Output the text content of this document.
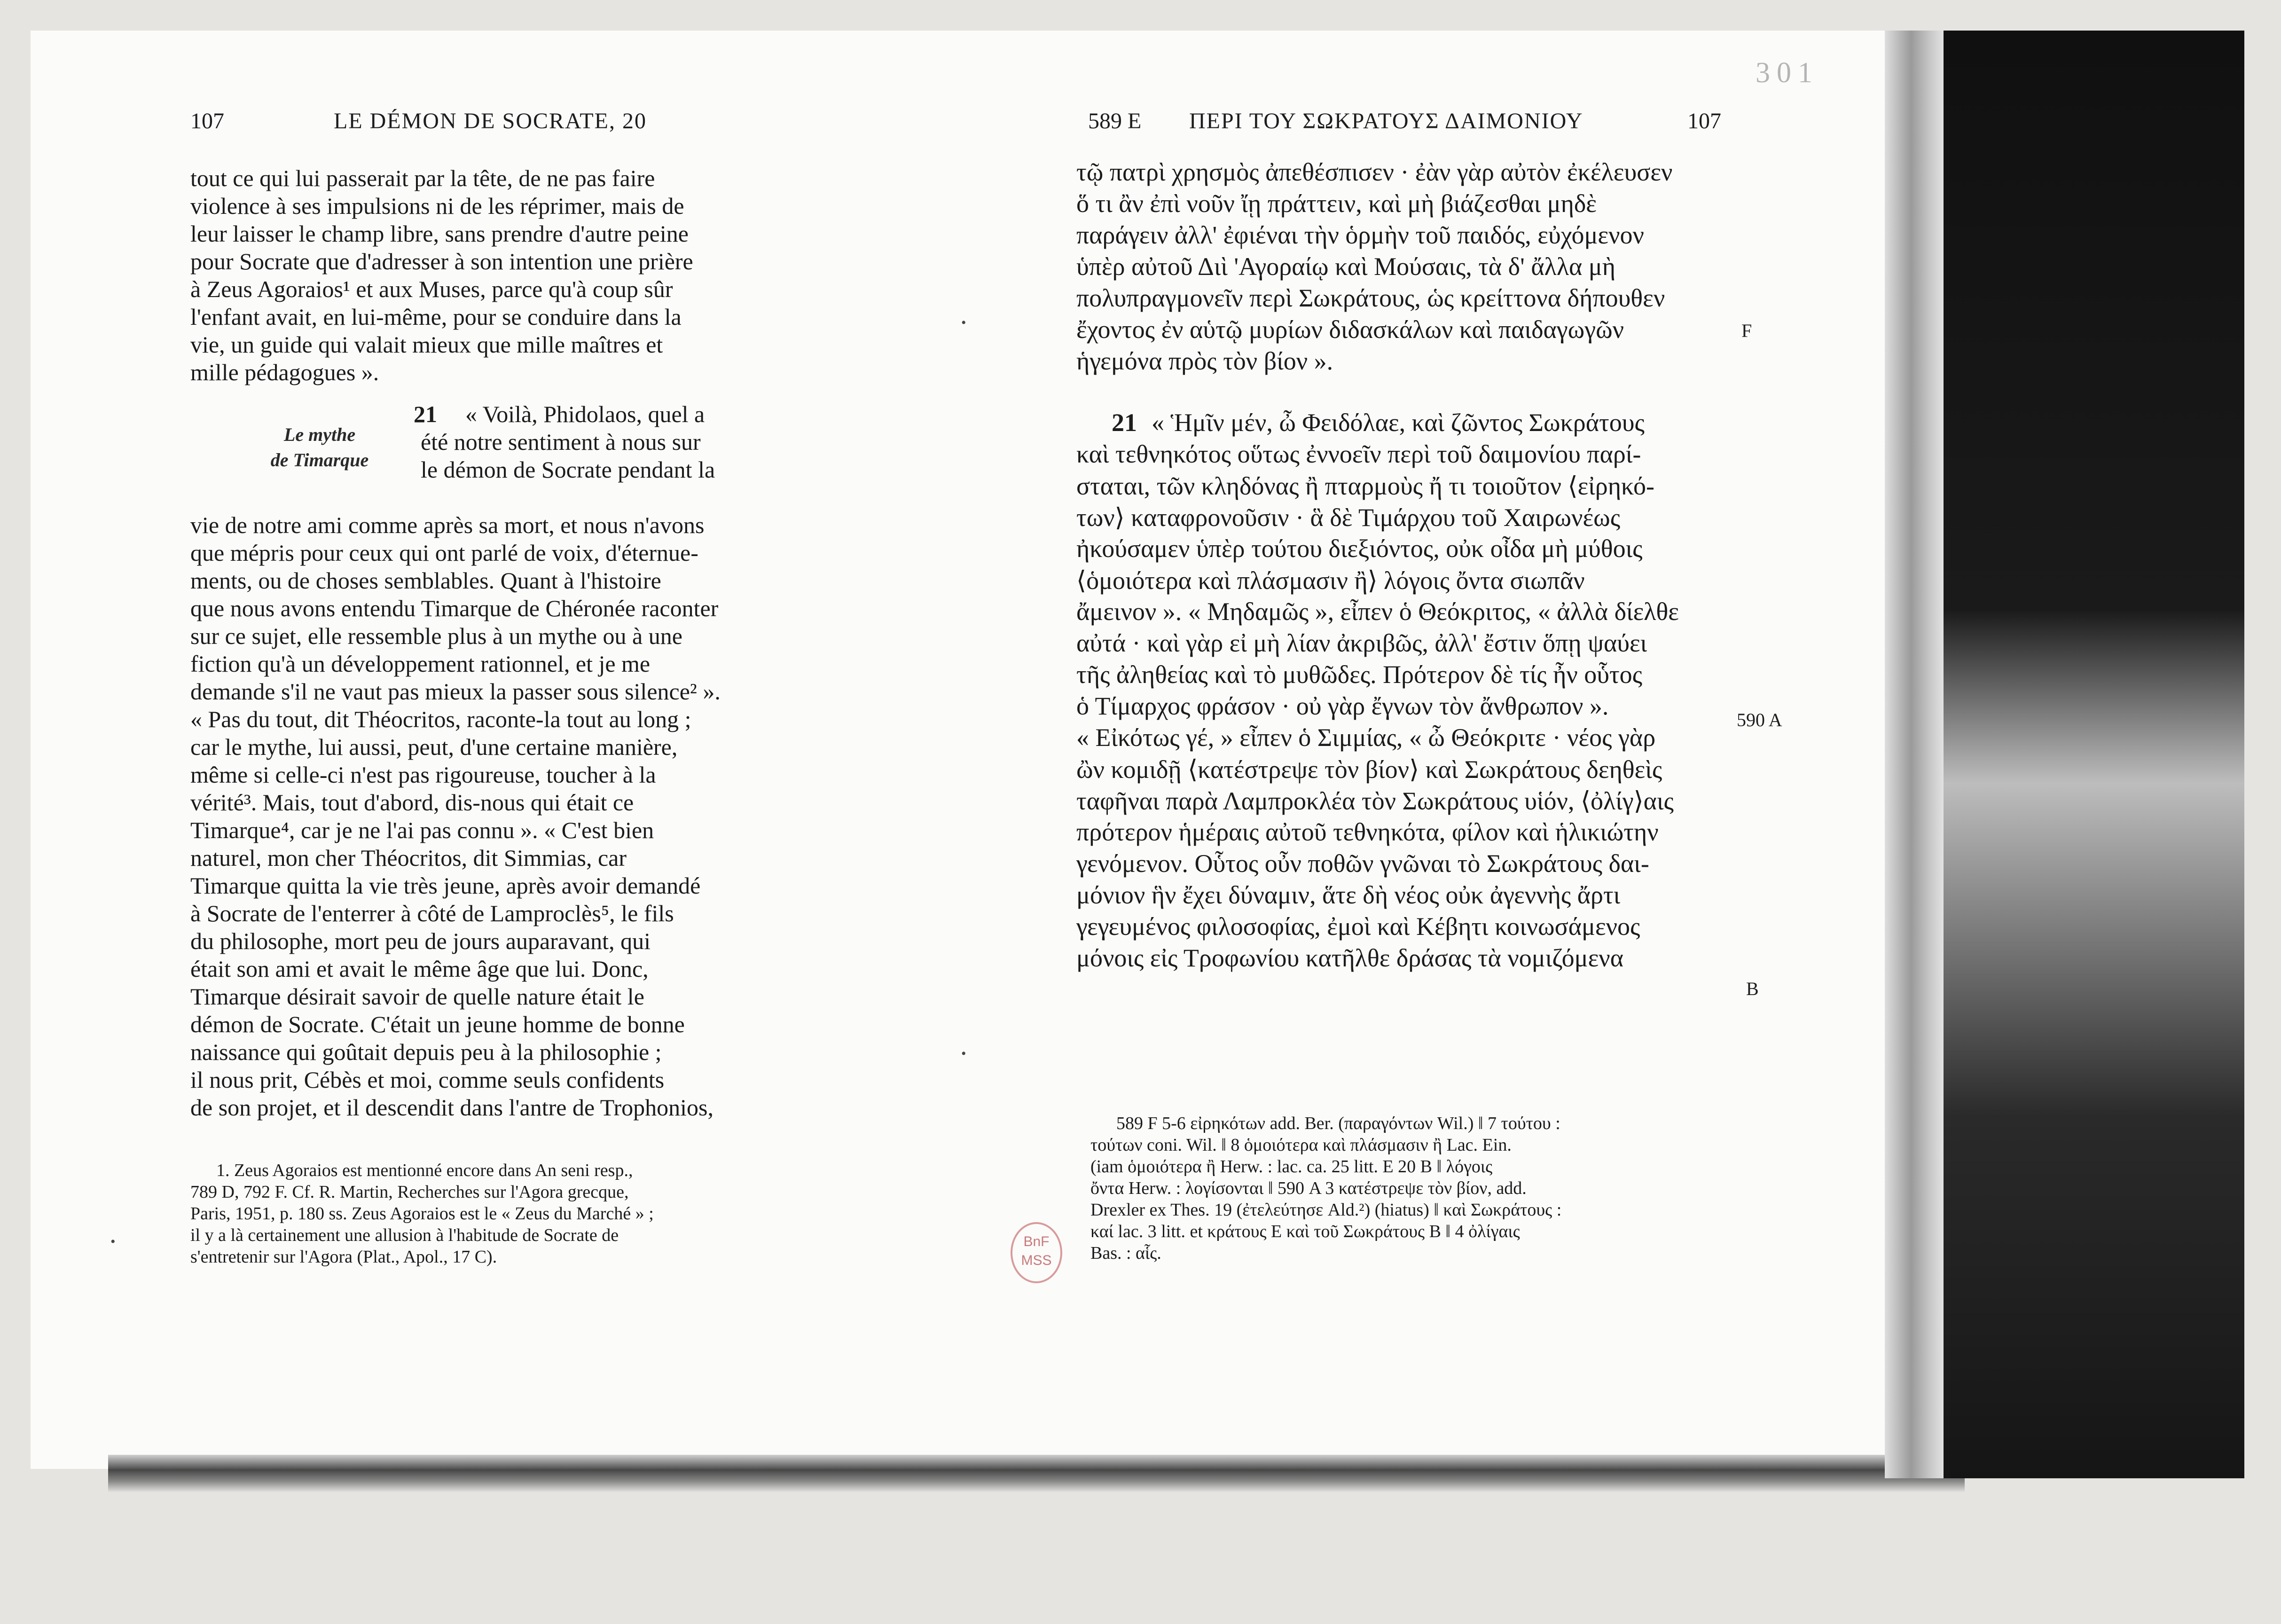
301
107	LE DÉMON DE SOCRATE, 20
tout ce qui lui passerait par la tête, de ne pas faire
violence à ses impulsions ni de les réprimer, mais de
leur laisser le champ libre, sans prendre d'autre peine
pour Socrate que d'adresser à son intention une prière
à Zeus Agoraios¹ et aux Muses, parce qu'à coup sûr
l'enfant avait, en lui-même, pour se conduire dans la
vie, un guide qui valait mieux que mille maîtres et
mille pédagogues ».
Le mythe
de Timarque
21 « Voilà, Phidolaos, quel a
été notre sentiment à nous sur
le démon de Socrate pendant la
vie de notre ami comme après sa mort, et nous n'avons
que mépris pour ceux qui ont parlé de voix, d'éternue-
ments, ou de choses semblables. Quant à l'histoire
que nous avons entendu Timarque de Chéronée raconter
sur ce sujet, elle ressemble plus à un mythe ou à une
fiction qu'à un développement rationnel, et je me
demande s'il ne vaut pas mieux la passer sous silence² ».
« Pas du tout, dit Théocritos, raconte-la tout au long ;
car le mythe, lui aussi, peut, d'une certaine manière,
même si celle-ci n'est pas rigoureuse, toucher à la
vérité³. Mais, tout d'abord, dis-nous qui était ce
Timarque⁴, car je ne l'ai pas connu ». « C'est bien
naturel, mon cher Théocritos, dit Simmias, car
Timarque quitta la vie très jeune, après avoir demandé
à Socrate de l'enterrer à côté de Lamproclès⁵, le fils
du philosophe, mort peu de jours auparavant, qui
était son ami et avait le même âge que lui. Donc,
Timarque désirait savoir de quelle nature était le
démon de Socrate. C'était un jeune homme de bonne
naissance qui goûtait depuis peu à la philosophie ;
il nous prit, Cébès et moi, comme seuls confidents
de son projet, et il descendit dans l'antre de Trophonios,
1. Zeus Agoraios est mentionné encore dans An seni resp.,
789 D, 792 F. Cf. R. Martin, Recherches sur l'Agora grecque,
Paris, 1951, p. 180 ss. Zeus Agoraios est le « Zeus du Marché » ;
il y a là certainement une allusion à l'habitude de Socrate de
s'entretenir sur l'Agora (Plat., Apol., 17 C).
589 E ΠΕΡΙ ΤΟΥ ΣΩΚΡΑΤΟΥΣ ΔΑΙΜΟΝΙΟΥ	107
τῷ πατρὶ χρησμὸς ἀπεθέσπισεν · ἐὰν γὰρ αὐτὸν ἐκέλευσεν
ὅ τι ἂν ἐπὶ νοῦν ἴῃ πράττειν, καὶ μὴ βιάζεσθαι μηδὲ
παράγειν ἀλλ' ἐφιέναι τὴν ὁρμὴν τοῦ παιδός, εὐχόμενον
ὑπὲρ αὐτοῦ Διὶ 'Αγοραίῳ καὶ Μούσαις, τὰ δ' ἄλλα μὴ
πολυπραγμονεῖν περὶ Σωκράτους, ὡς κρείττονα δήπουθεν
ἔχοντος ἐν αὑτῷ μυρίων διδασκάλων καὶ παιδαγωγῶν
ἡγεμόνα πρὸς τὸν βίον ».
F
21 « Ἡμῖν μέν, ὦ Φειδόλαε, καὶ ζῶντος Σωκράτους
καὶ τεθνηκότος οὕτως ἐννοεῖν περὶ τοῦ δαιμονίου παρί-
σταται, τῶν κληδόνας ἢ πταρμοὺς ἤ τι τοιοῦτον ⟨εἰρηκό-
των⟩ καταφρονοῦσιν · ἃ δὲ Τιμάρχου τοῦ Χαιρωνέως
ἠκούσαμεν ὑπὲρ τούτου διεξιόντος, οὐκ οἶδα μὴ μύθοις
⟨ὁμοιότερα καὶ πλάσμασιν ἢ⟩ λόγοις ὄντα σιωπᾶν
ἄμεινον ». « Μηδαμῶς », εἶπεν ὁ Θεόκριτος, « ἀλλὰ δίελθε
αὐτά · καὶ γὰρ εἰ μὴ λίαν ἀκριβῶς, ἀλλ' ἔστιν ὅπῃ ψαύει
τῆς ἀληθείας καὶ τὸ μυθῶδες. Πρότερον δὲ τίς ἦν οὗτος
ὁ Τίμαρχος φράσον · οὐ γὰρ ἔγνων τὸν ἄνθρωπον ».
« Εἰκότως γέ, » εἶπεν ὁ Σιμμίας, « ὦ Θεόκριτε · νέος γὰρ
ὢν κομιδῇ ⟨κατέστρεψε τὸν βίον⟩ καὶ Σωκράτους δεηθεὶς
ταφῆναι παρὰ Λαμπροκλέα τὸν Σωκράτους υἱόν, ⟨ὀλίγ⟩αις
πρότερον ἡμέραις αὐτοῦ τεθνηκότα, φίλον καὶ ἡλικιώτην
γενόμενον. Οὗτος οὖν ποθῶν γνῶναι τὸ Σωκράτους δαι-
μόνιον ἣν ἔχει δύναμιν, ἅτε δὴ νέος οὐκ ἀγεννὴς ἄρτι
γεγευμένος φιλοσοφίας, ἐμοὶ καὶ Κέβητι κοινωσάμενος
μόνοις εἰς Τροφωνίου κατῆλθε δράσας τὰ νομιζόμενα
590 A
B
589 F 5-6 εἰρηκότων add. Ber. (παραγόντων Wil.) ‖ 7 τούτου :
τούτων coni. Wil. ‖ 8 ὁμοιότερα καὶ πλάσμασιν ἢ Lac. Ein.
(iam ὁμοιότερα ἢ Herw. : lac. ca. 25 litt. E 20 B ‖ λόγοις
ὄντα Herw. : λογίσονται ‖ 590 A 3 κατέστρεψε τὸν βίον, add.
Drexler ex Thes. 19 (ἐτελεύτησε Ald.²) (hiatus) ‖ καὶ Σωκράτους :
καί lac. 3 litt. et κράτους E καὶ τοῦ Σωκράτους B ‖ 4 ὀλίγαις
Bas. : αἷς.
BnF
MSS
•
•
•
